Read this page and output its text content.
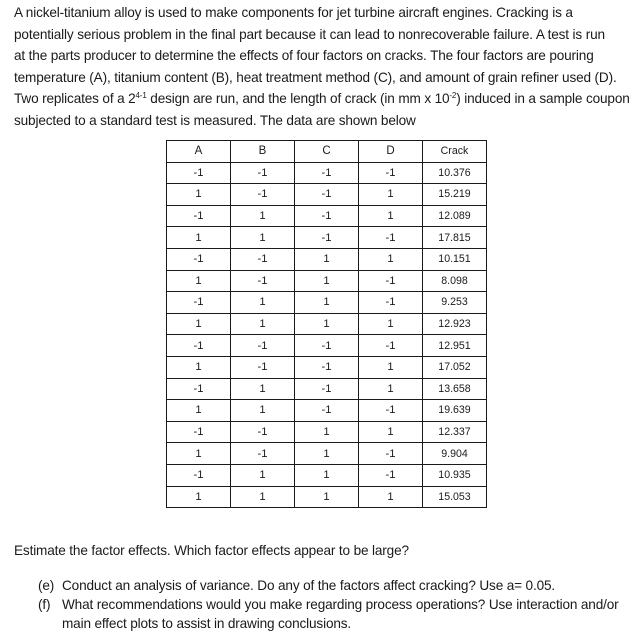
A nickel-titanium alloy is used to make components for jet turbine aircraft engines. Cracking is a

potentially serious problem in the final part because it can lead to nonrecoverable failure. A test is run

at the parts producer to determine the effects of four factors on cracks. The four factors are pouring

temperature (A), titanium content (B), heat treatment method (C), and amount of grain refiner used (D).

Two replicates of a 2$^{4-1}$ design are run, and the length of crack (in mm x $10^{-2}$) induced in a sample coupon

subjected to a standard test is measured. The data are shown below

A	B	C	D	Crack
-1	-1	-1	-1	10.376
1	-1	-1	1	15.219
-1	1	-1	1	12.089
1	1	-1	-1	17.815
-1	-1	1	1	10.151
1	-1	1	-1	8.098
-1	1	1	-1	9.253
1	1	1	1	12.923
-1	-1	-1	-1	12.951
1	-1	-1	1	17.052
-1	1	-1	1	13.658
1	1	-1	-1	19.639
-1	-1	1	1	12.337
1	-1	1	-1	9.904
-1	1	1	-1	10.935
1	1	1	1	15.053
Estimate the factor effects. Which factor effects appear to be large?
(e) Conduct an analysis of variance. Do any of the factors affect cracking? Use a= 0.05.
(f) What recommendations would you make regarding process operations? Use interaction and/or main effect plots to assist in drawing conclusions.
